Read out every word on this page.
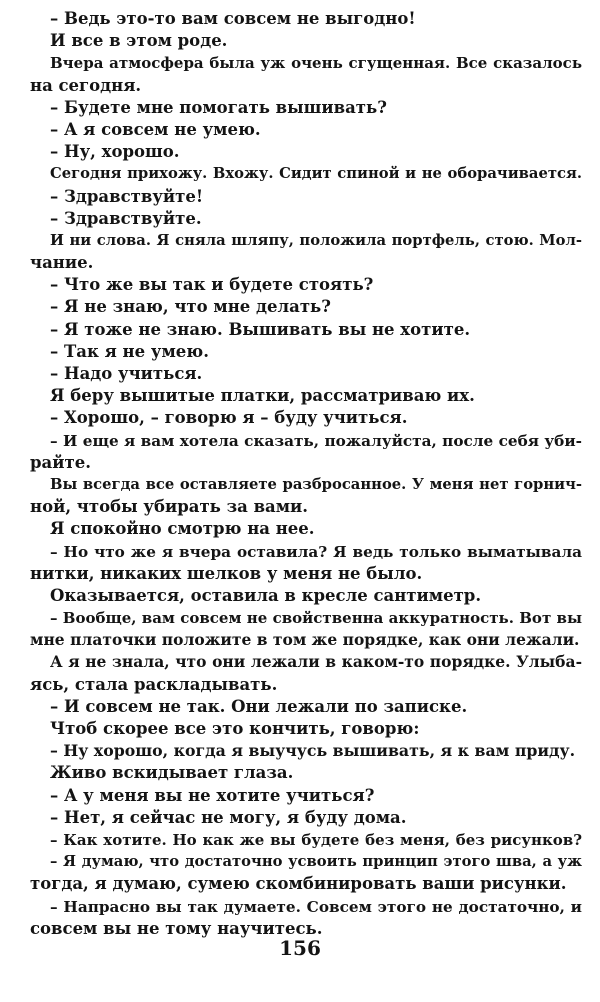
– Ведь это-то вам совсем не выгодно!
И все в этом роде.
Вчера атмосфера была уж очень сгущенная. Все сказалось
на сегодня.
– Будете мне помогать вышивать?
– А я совсем не умею.
– Ну, хорошо.
Сегодня прихожу. Вхожу. Сидит спиной и не оборачивается.
– Здравствуйте!
– Здравствуйте.
И ни слова. Я сняла шляпу, положила портфель, стою. Мол-
чание.
– Что же вы так и будете стоять?
– Я не знаю, что мне делать?
– Я тоже не знаю. Вышивать вы не хотите.
– Так я не умею.
– Надо учиться.
Я беру вышитые платки, рассматриваю их.
– Хорошо, – говорю я – буду учиться.
– И еще я вам хотела сказать, пожалуйста, после себя уби-
райте.
Вы всегда все оставляете разбросанное. У меня нет горнич-
ной, чтобы убирать за вами.
Я спокойно смотрю на нее.
– Но что же я вчера оставила? Я ведь только выматывала
нитки, никаких шелков у меня не было.
Оказывается, оставила в кресле сантиметр.
– Вообще, вам совсем не свойственна аккуратность. Вот вы
мне платочки положите в том же порядке, как они лежали.
А я не знала, что они лежали в каком-то порядке. Улыба-
ясь, стала раскладывать.
– И совсем не так. Они лежали по записке.
Чтоб скорее все это кончить, говорю:
– Ну хорошо, когда я выучусь вышивать, я к вам приду.
Живо вскидывает глаза.
– А у меня вы не хотите учиться?
– Нет, я сейчас не могу, я буду дома.
– Как хотите. Но как же вы будете без меня, без рисунков?
– Я думаю, что достаточно усвоить принцип этого шва, а уж
тогда, я думаю, сумею скомбинировать ваши рисунки.
– Напрасно вы так думаете. Совсем этого не достаточно, и
совсем вы не тому научитесь.
156
